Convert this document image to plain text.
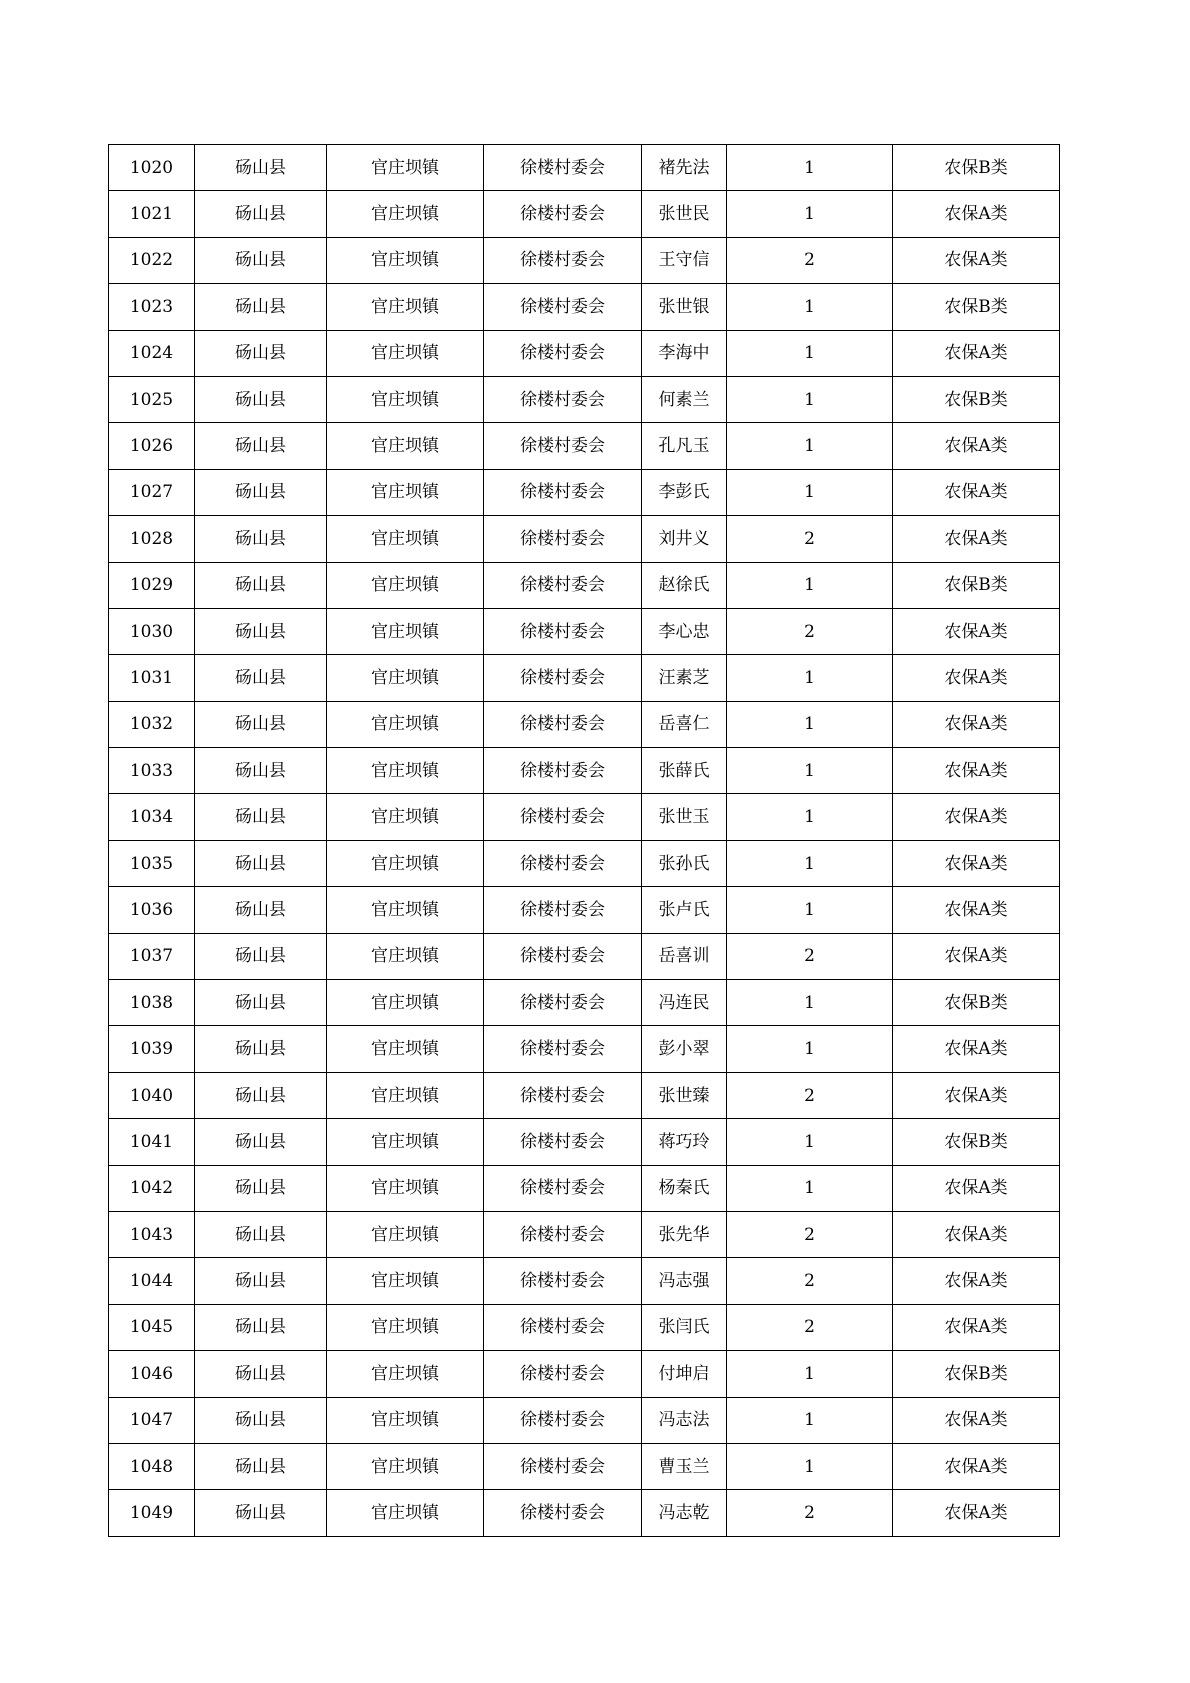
1020	砀山县	官庄坝镇	徐楼村委会	褚先法	1	农保B类
1021	砀山县	官庄坝镇	徐楼村委会	张世民	1	农保A类
1022	砀山县	官庄坝镇	徐楼村委会	王守信	2	农保A类
1023	砀山县	官庄坝镇	徐楼村委会	张世银	1	农保B类
1024	砀山县	官庄坝镇	徐楼村委会	李海中	1	农保A类
1025	砀山县	官庄坝镇	徐楼村委会	何素兰	1	农保B类
1026	砀山县	官庄坝镇	徐楼村委会	孔凡玉	1	农保A类
1027	砀山县	官庄坝镇	徐楼村委会	李彭氏	1	农保A类
1028	砀山县	官庄坝镇	徐楼村委会	刘井义	2	农保A类
1029	砀山县	官庄坝镇	徐楼村委会	赵徐氏	1	农保B类
1030	砀山县	官庄坝镇	徐楼村委会	李心忠	2	农保A类
1031	砀山县	官庄坝镇	徐楼村委会	汪素芝	1	农保A类
1032	砀山县	官庄坝镇	徐楼村委会	岳喜仁	1	农保A类
1033	砀山县	官庄坝镇	徐楼村委会	张薛氏	1	农保A类
1034	砀山县	官庄坝镇	徐楼村委会	张世玉	1	农保A类
1035	砀山县	官庄坝镇	徐楼村委会	张孙氏	1	农保A类
1036	砀山县	官庄坝镇	徐楼村委会	张卢氏	1	农保A类
1037	砀山县	官庄坝镇	徐楼村委会	岳喜训	2	农保A类
1038	砀山县	官庄坝镇	徐楼村委会	冯连民	1	农保B类
1039	砀山县	官庄坝镇	徐楼村委会	彭小翠	1	农保A类
1040	砀山县	官庄坝镇	徐楼村委会	张世臻	2	农保A类
1041	砀山县	官庄坝镇	徐楼村委会	蒋巧玲	1	农保B类
1042	砀山县	官庄坝镇	徐楼村委会	杨秦氏	1	农保A类
1043	砀山县	官庄坝镇	徐楼村委会	张先华	2	农保A类
1044	砀山县	官庄坝镇	徐楼村委会	冯志强	2	农保A类
1045	砀山县	官庄坝镇	徐楼村委会	张闫氏	2	农保A类
1046	砀山县	官庄坝镇	徐楼村委会	付坤启	1	农保B类
1047	砀山县	官庄坝镇	徐楼村委会	冯志法	1	农保A类
1048	砀山县	官庄坝镇	徐楼村委会	曹玉兰	1	农保A类
1049	砀山县	官庄坝镇	徐楼村委会	冯志乾	2	农保A类
